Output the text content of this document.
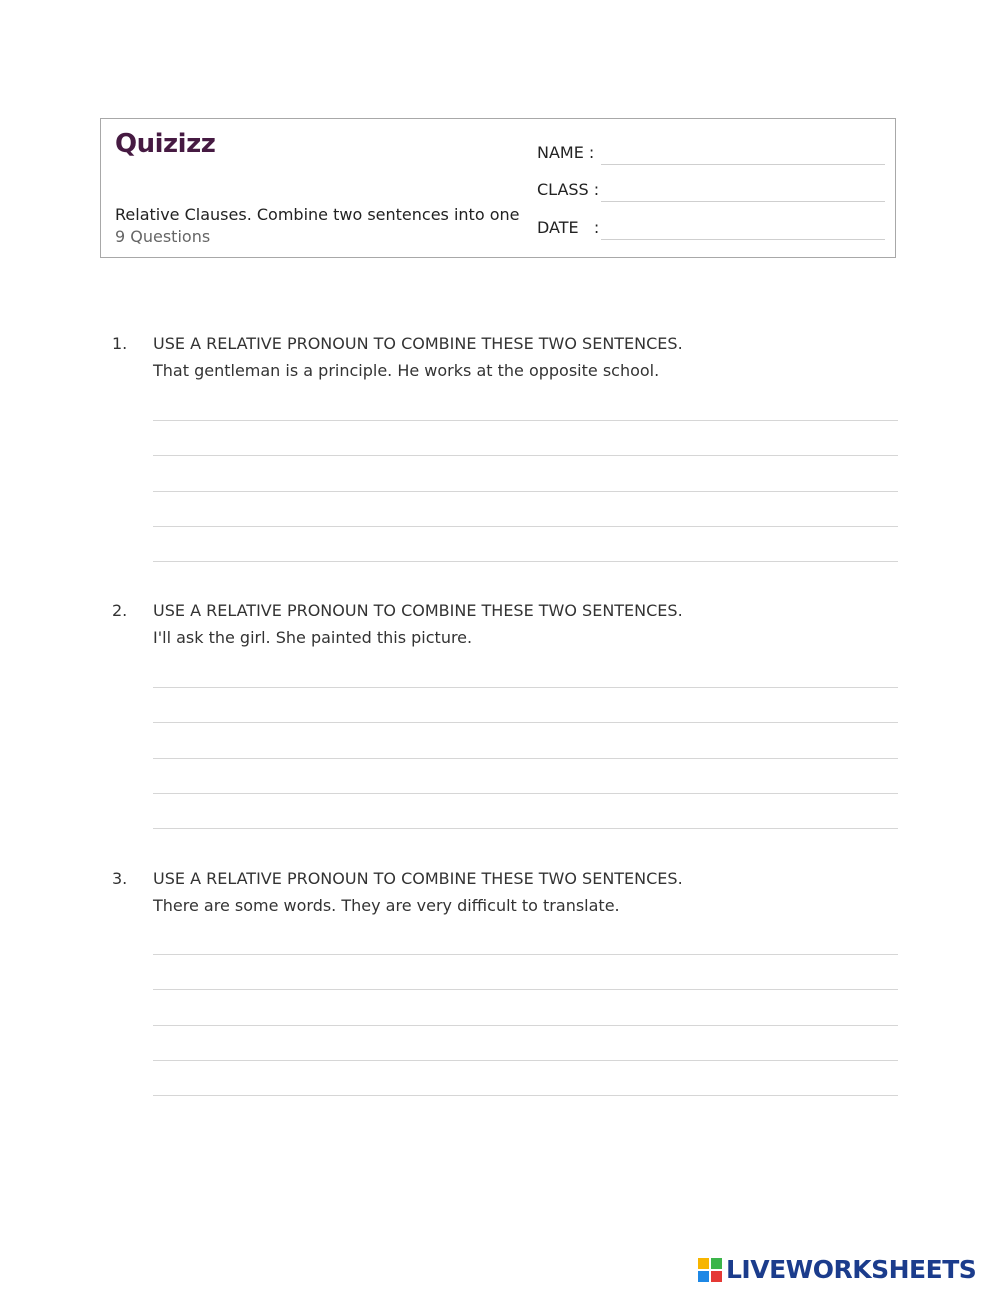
Quizizz
Relative Clauses. Combine two sentences into one
9 Questions
NAME :
CLASS :
DATE   :
1. USE A RELATIVE PRONOUN TO COMBINE THESE TWO SENTENCES.
That gentleman is a principle. He works at the opposite school.
2. USE A RELATIVE PRONOUN TO COMBINE THESE TWO SENTENCES.
I'll ask the girl. She painted this picture.
3. USE A RELATIVE PRONOUN TO COMBINE THESE TWO SENTENCES.
There are some words. They are very difficult to translate.
LIVEWORKSHEETS
